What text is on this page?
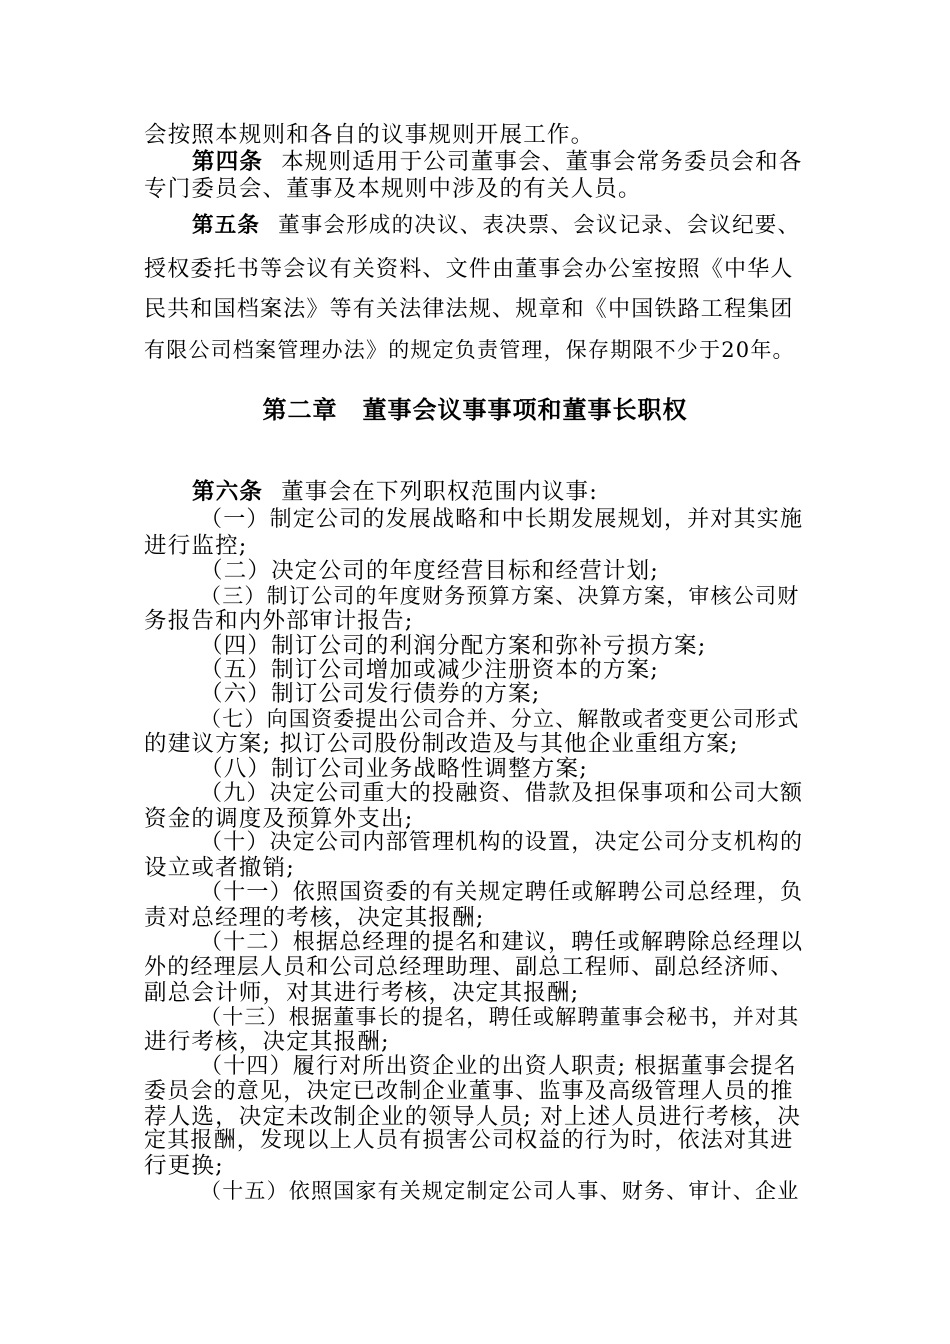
会按照本规则和各自的议事规则开展工作。
第四条 本规则适用于公司董事会、董事会常务委员会和各
专门委员会、董事及本规则中涉及的有关人员。
第五条 董事会形成的决议、表决票、会议记录、会议纪要、
授权委托书等会议有关资料、文件由董事会办公室按照《中华人
民共和国档案法》等有关法律法规、规章和《中国铁路工程集团
有限公司档案管理办法》的规定负责管理，保存期限不少于20年。
第二章　董事会议事事项和董事长职权
第六条 董事会在下列职权范围内议事:
（一）制定公司的发展战略和中长期发展规划，并对其实施
进行监控;
（二）决定公司的年度经营目标和经营计划;
（三）制订公司的年度财务预算方案、决算方案，审核公司财
务报告和内外部审计报告;
（四）制订公司的利润分配方案和弥补亏损方案;
（五）制订公司增加或减少注册资本的方案;
（六）制订公司发行债券的方案;
（七）向国资委提出公司合并、分立、解散或者变更公司形式
的建议方案; 拟订公司股份制改造及与其他企业重组方案;
（八）制订公司业务战略性调整方案;
（九）决定公司重大的投融资、借款及担保事项和公司大额
资金的调度及预算外支出;
（十）决定公司内部管理机构的设置，决定公司分支机构的
设立或者撤销;
（十一）依照国资委的有关规定聘任或解聘公司总经理，负
责对总经理的考核，决定其报酬;
（十二）根据总经理的提名和建议，聘任或解聘除总经理以
外的经理层人员和公司总经理助理、副总工程师、副总经济师、
副总会计师，对其进行考核，决定其报酬;
（十三）根据董事长的提名，聘任或解聘董事会秘书，并对其
进行考核，决定其报酬;
（十四）履行对所出资企业的出资人职责; 根据董事会提名
委员会的意见，决定已改制企业董事、监事及高级管理人员的推
荐人选，决定未改制企业的领导人员; 对上述人员进行考核，决
定其报酬，发现以上人员有损害公司权益的行为时，依法对其进
行更换;
（十五）依照国家有关规定制定公司人事、财务、审计、企业
